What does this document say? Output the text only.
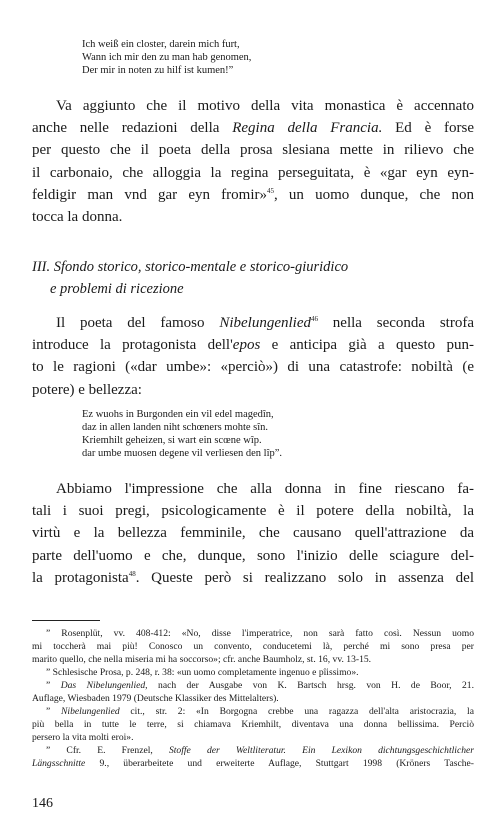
Ich weiß ein closter, darein mich furt,
Wann ich mir den zu man hab genomen,
Der mir in noten zu hilf ist kumen!”
Va aggiunto che il motivo della vita monastica è accennato
anche nelle redazioni della Regina della Francia. Ed è forse
per questo che il poeta della prosa slesiana mette in rilievo che
il carbonaio, che alloggia la regina perseguitata, è «gar eyn eyn-
feldigir man vnd gar eyn fromir»$^{45}$, un uomo dunque, che non
tocca la donna.
III. Sfondo storico, storico-mentale e storico-giuridico
e problemi di ricezione
Il poeta del famoso Nibelungenlied$^{46}$ nella seconda strofa
introduce la protagonista dell'epos e anticipa già a questo pun-
to le ragioni («dar umbe»: «perciò») di una catastrofe: nobiltà (e
potere) e bellezza:
Ez wuohs in Burgonden ein vil edel magedîn,
daz in allen landen niht schœners mohte sîn.
Kriemhilt geheizen, si wart ein scœne wîp.
dar umbe muosen degene vil verliesen den lîp”.
Abbiamo l'impressione che alla donna in fine riescano fa-
tali i suoi pregi, psicologicamente è il potere della nobiltà, la
virtù e la bellezza femminile, che causano quell'attrazione da
parte dell'uomo e che, dunque, sono l'inizio delle sciagure del-
la protagonista$^{48}$. Queste però si realizzano solo in assenza del
” Rosenplüt, vv. 408-412: «No, disse l'imperatrice, non sarà fatto così. Nessun uomo
mi toccherà mai più! Conosco un convento, conducetemi là, perché mi sono presa per
marito quello, che nella miseria mi ha soccorso»; cfr. anche Baumholz, st. 16, vv. 13-15.
” Schlesische Prosa, p. 248, r. 38: «un uomo completamente ingenuo e pîissimo».
” Das Nibelungenlied, nach der Ausgabe von K. Bartsch hrsg. von H. de Boor, 21.
Auflage, Wiesbaden 1979 (Deutsche Klassiker des Mittelalters).
” Nibelungenlied cit., str. 2: «In Borgogna crebbe una ragazza dell'alta aristocrazia, la
più bella in tutte le terre, si chiamava Kriemhilt, diventava una donna bellissima. Perciò
persero la vita molti eroi».
” Cfr. E. Frenzel, Stoffe der Weltliteratur. Ein Lexikon dichtungsgeschichtlicher
Längsschnitte 9., überarbeitete und erweiterte Auflage, Stuttgart 1998 (Kröners Tasche-
146
